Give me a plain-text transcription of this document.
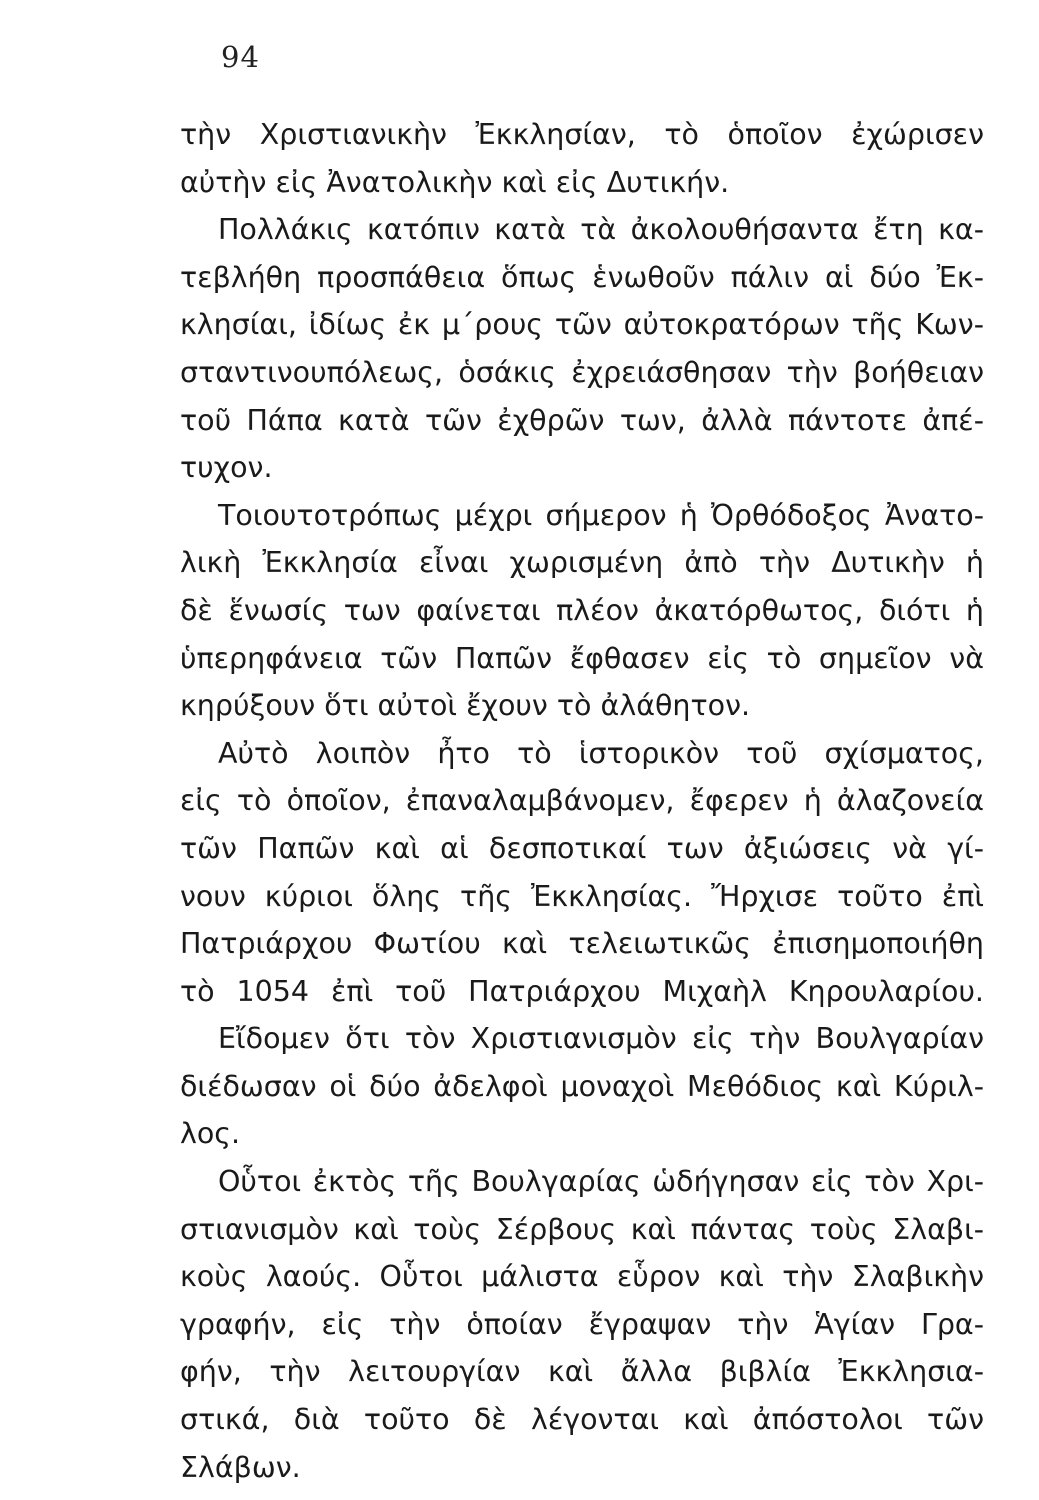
94
τὴν Χριστιανικὴν Ἐκκλησίαν, τὸ ὁποῖον ἐχώρισεν
αὐτὴν εἰς Ἀνατολικὴν καὶ εἰς Δυτικήν.
Πολλάκις κατόπιν κατὰ τὰ ἀκολουθήσαντα ἔτη κα-
τεβλήθη προσπάθεια ὅπως ἑνωθοῦν πάλιν αἱ δύο Ἐκ-
κλησίαι, ἰδίως ἐκ μ΄ρους τῶν αὐτοκρατόρων τῆς Κων-
σταντινουπόλεως, ὁσάκις ἐχρειάσθησαν τὴν βοήθειαν
τοῦ Πάπα κατὰ τῶν ἐχθρῶν των, ἀλλὰ πάντοτε ἀπέ-
τυχον.
Τοιουτοτρόπως μέχρι σήμερον ἡ Ὀρθόδοξος Ἀνατο-
λικὴ Ἐκκλησία εἶναι χωρισμένη ἀπὸ τὴν Δυτικὴν ἡ
δὲ ἕνωσίς των φαίνεται πλέον ἀκατόρθωτος, διότι ἡ
ὑπερηφάνεια τῶν Παπῶν ἔφθασεν εἰς τὸ σημεῖον νὰ
κηρύξουν ὅτι αὐτοὶ ἔχουν τὸ ἀλάθητον.
Αὐτὸ λοιπὸν ἦτο τὸ ἱστορικὸν τοῦ σχίσματος,
εἰς τὸ ὁποῖον, ἐπαναλαμβάνομεν, ἔφερεν ἡ ἀλαζονεία
τῶν Παπῶν καὶ αἱ δεσποτικαί των ἀξιώσεις νὰ γί-
νουν κύριοι ὅλης τῆς Ἐκκλησίας. Ἤρχισε τοῦτο ἐπὶ
Πατριάρχου Φωτίου καὶ τελειωτικῶς ἐπισημοποιήθη
τὸ 1054 ἐπὶ τοῦ Πατριάρχου Μιχαὴλ Κηρουλαρίου.
Εἴδομεν ὅτι τὸν Χριστιανισμὸν εἰς τὴν Βουλγαρίαν
διέδωσαν οἱ δύο ἀδελφοὶ μοναχοὶ Μεθόδιος καὶ Κύριλ-
λος.
Οὗτοι ἐκτὸς τῆς Βουλγαρίας ὡδήγησαν εἰς τὸν Χρι-
στιανισμὸν καὶ τοὺς Σέρβους καὶ πάντας τοὺς Σλαβι-
κοὺς λαούς. Οὗτοι μάλιστα εὗρον καὶ τὴν Σλαβικὴν
γραφήν, εἰς τὴν ὁποίαν ἔγραψαν τὴν Ἁγίαν Γρα-
φήν, τὴν λειτουργίαν καὶ ἄλλα βιβλία Ἐκκλησια-
στικά, διὰ τοῦτο δὲ λέγονται καὶ ἀπόστολοι τῶν
Σλάβων.
